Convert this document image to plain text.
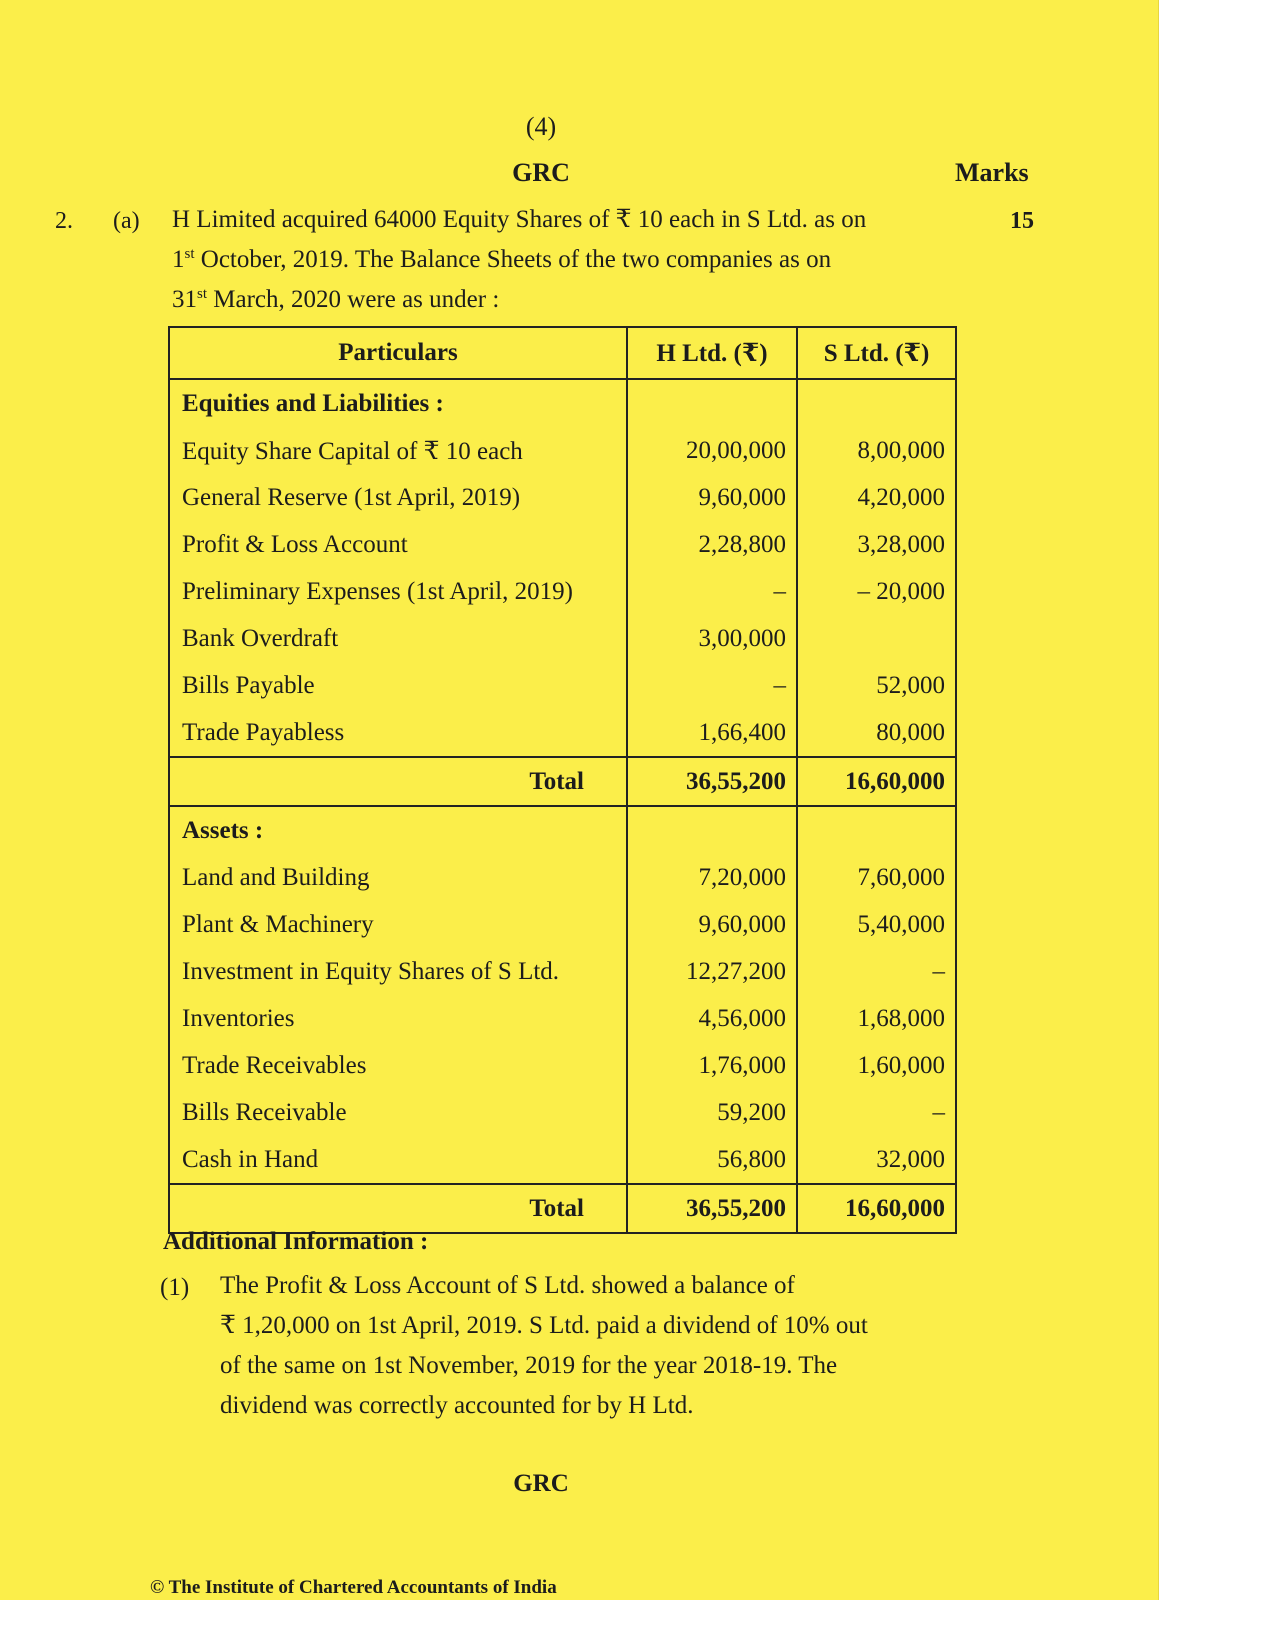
(4)
GRC	Marks
2. (a)	15
H Limited acquired 64000 Equity Shares of ₹ 10 each in S Ltd. as on
1st October, 2019. The Balance Sheets of the two companies as on
31st March, 2020 were as under :
Particulars	H Ltd. (₹)	S Ltd. (₹)
Equities and Liabilities :		
Equity Share Capital of ₹ 10 each	20,00,000	8,00,000
General Reserve (1st April, 2019)	9,60,000	4,20,000
Profit & Loss Account	2,28,800	3,28,000
Preliminary Expenses (1st April, 2019)	–	– 20,000
Bank Overdraft	3,00,000	
Bills Payable	–	52,000
Trade Payabless	1,66,400	80,000
Total	36,55,200	16,60,000
Assets :		
Land and Building	7,20,000	7,60,000
Plant & Machinery	9,60,000	5,40,000
Investment in Equity Shares of S Ltd.	12,27,200	–
Inventories	4,56,000	1,68,000
Trade Receivables	1,76,000	1,60,000
Bills Receivable	59,200	–
Cash in Hand	56,800	32,000
Total	36,55,200	16,60,000
Additional Information :
(1) The Profit & Loss Account of S Ltd. showed a balance of
₹ 1,20,000 on 1st April, 2019. S Ltd. paid a dividend of 10% out
of the same on 1st November, 2019 for the year 2018-19. The
dividend was correctly accounted for by H Ltd.
GRC
© The Institute of Chartered Accountants of India
